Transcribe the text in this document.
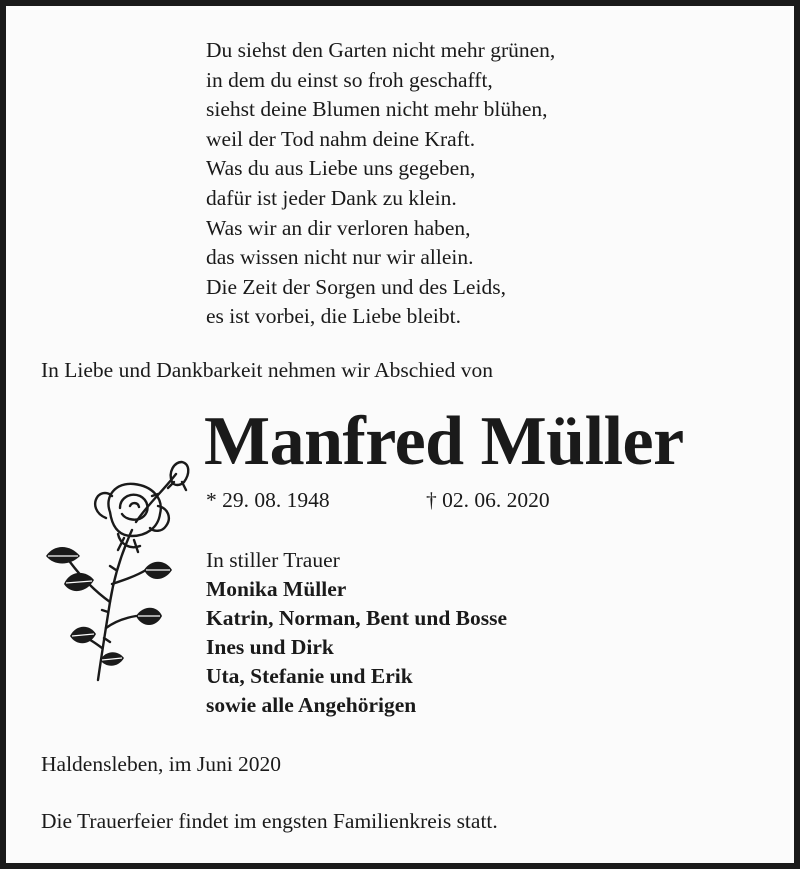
Du siehst den Garten nicht mehr grünen,
in dem du einst so froh geschafft,
siehst deine Blumen nicht mehr blühen,
weil der Tod nahm deine Kraft.
Was du aus Liebe uns gegeben,
dafür ist jeder Dank zu klein.
Was wir an dir verloren haben,
das wissen nicht nur wir allein.
Die Zeit der Sorgen und des Leids,
es ist vorbei, die Liebe bleibt.
In Liebe und Dankbarkeit nehmen wir Abschied von
Manfred Müller
* 29. 08. 1948	† 02. 06. 2020
In stiller Trauer
Monika Müller
Katrin, Norman, Bent und Bosse
Ines und Dirk
Uta, Stefanie und Erik
sowie alle Angehörigen
Haldensleben, im Juni 2020
Die Trauerfeier findet im engsten Familienkreis statt.
